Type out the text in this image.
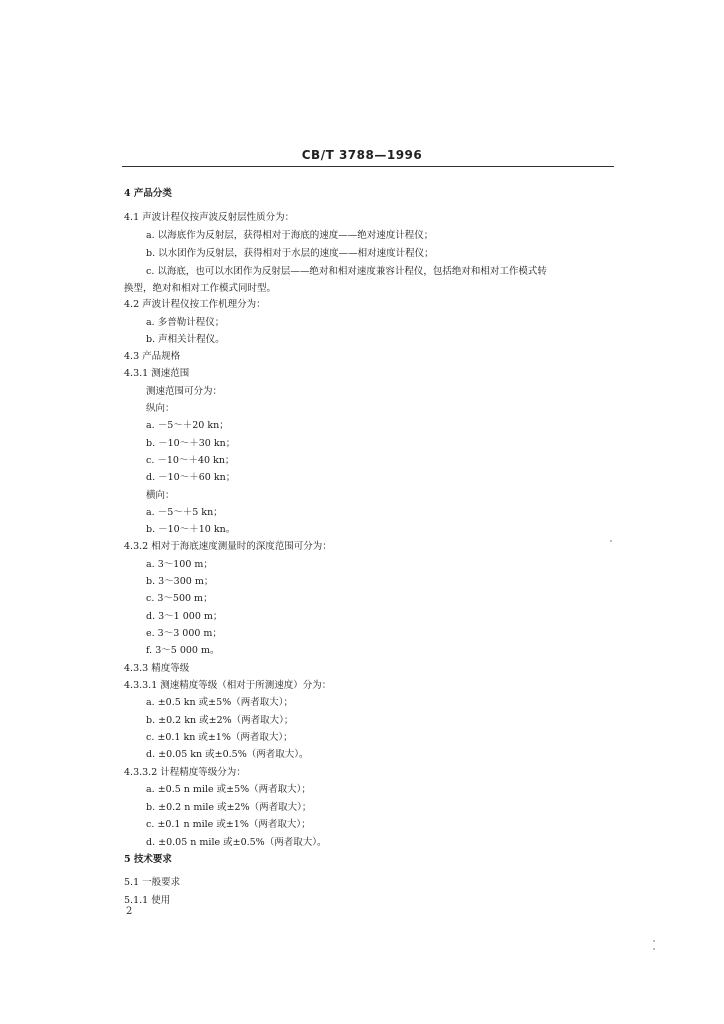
CB/T 3788—1996
4 产品分类
4.1 声波计程仪按声波反射层性质分为：
a. 以海底作为反射层，获得相对于海底的速度——绝对速度计程仪；
b. 以水团作为反射层，获得相对于水层的速度——相对速度计程仪；
c. 以海底，也可以水团作为反射层——绝对和相对速度兼容计程仪，包括绝对和相对工作模式转
换型，绝对和相对工作模式同时型。
4.2 声波计程仪按工作机理分为：
a. 多普勒计程仪；
b. 声相关计程仪。
4.3 产品规格
4.3.1 测速范围
测速范围可分为：
纵向：
a. －5～＋20 kn；
b. －10～＋30 kn；
c. －10～＋40 kn；
d. －10～＋60 kn；
横向：
a. －5～＋5 kn；
b. －10～＋10 kn。
4.3.2 相对于海底速度测量时的深度范围可分为：
a. 3～100 m；
b. 3～300 m；
c. 3～500 m；
d. 3～1 000 m；
e. 3～3 000 m；
f. 3～5 000 m。
4.3.3 精度等级
4.3.3.1 测速精度等级（相对于所测速度）分为：
a. ±0.5 kn 或±5%（两者取大）；
b. ±0.2 kn 或±2%（两者取大）；
c. ±0.1 kn 或±1%（两者取大）；
d. ±0.05 kn 或±0.5%（两者取大）。
4.3.3.2 计程精度等级分为：
a. ±0.5 n mile 或±5%（两者取大）；
b. ±0.2 n mile 或±2%（两者取大）；
c. ±0.1 n mile 或±1%（两者取大）；
d. ±0.05 n mile 或±0.5%（两者取大）。
5 技术要求
5.1 一般要求
5.1.1 使用
2
